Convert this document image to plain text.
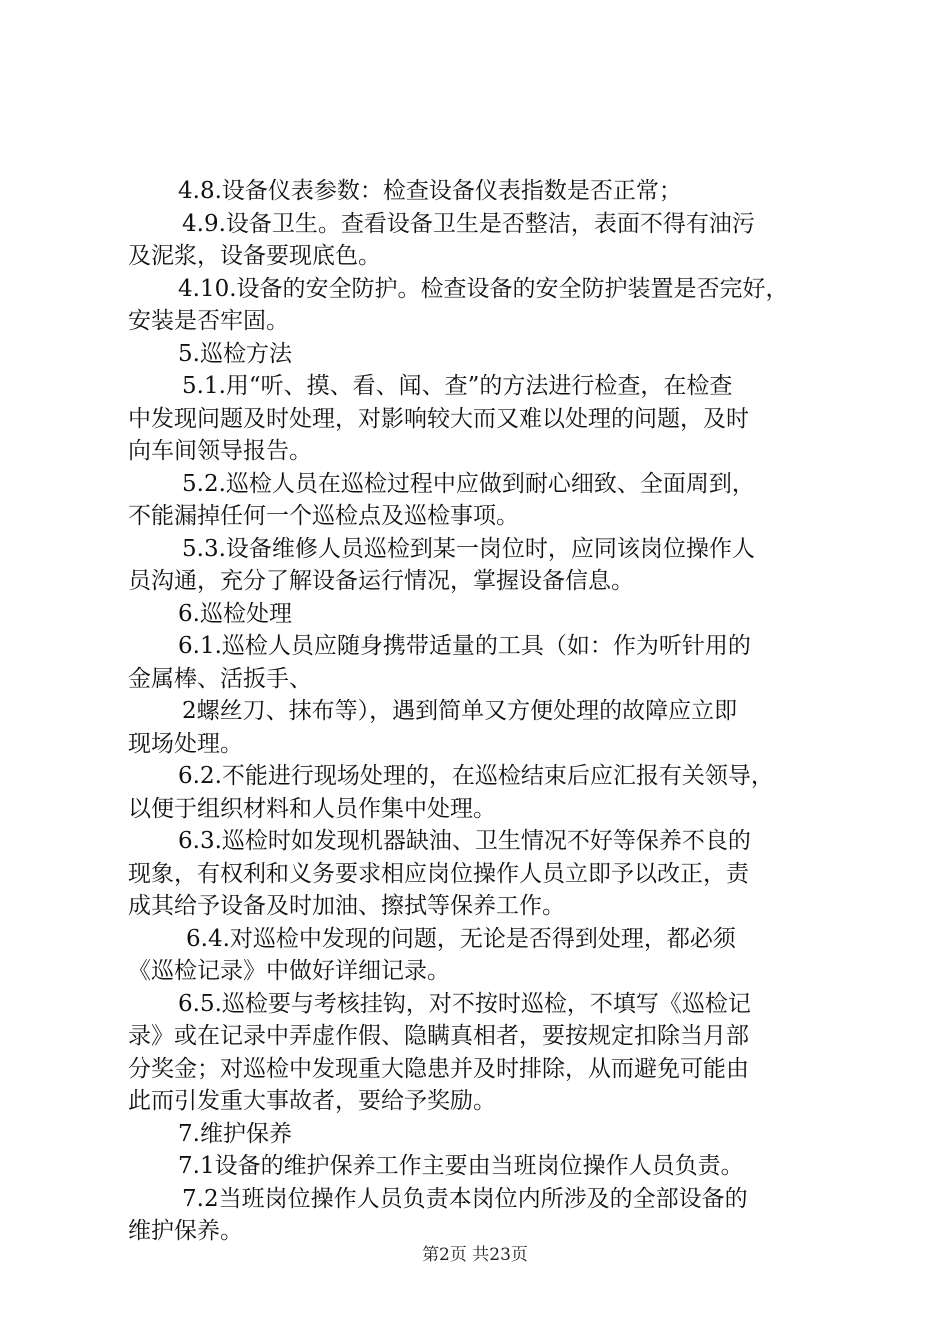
4.8.设备仪表参数：检查设备仪表指数是否正常；
4.9.设备卫生。查看设备卫生是否整洁，表面不得有油污
及泥浆，设备要现底色。
4.10.设备的安全防护。检查设备的安全防护装置是否完好，
安装是否牢固。
5.巡检方法
5.1.用“听、摸、看、闻、查”的方法进行检查，在检查
中发现问题及时处理，对影响较大而又难以处理的问题，及时
向车间领导报告。
5.2.巡检人员在巡检过程中应做到耐心细致、全面周到，
不能漏掉任何一个巡检点及巡检事项。
5.3.设备维修人员巡检到某一岗位时，应同该岗位操作人
员沟通，充分了解设备运行情况，掌握设备信息。
6.巡检处理
6.1.巡检人员应随身携带适量的工具（如：作为听针用的
金属棒、活扳手、
2螺丝刀、抹布等），遇到简单又方便处理的故障应立即
现场处理。
6.2.不能进行现场处理的，在巡检结束后应汇报有关领导，
以便于组织材料和人员作集中处理。
6.3.巡检时如发现机器缺油、卫生情况不好等保养不良的
现象，有权利和义务要求相应岗位操作人员立即予以改正，责
成其给予设备及时加油、擦拭等保养工作。
6.4.对巡检中发现的问题，无论是否得到处理，都必须
《巡检记录》中做好详细记录。
6.5.巡检要与考核挂钩，对不按时巡检，不填写《巡检记
录》或在记录中弄虚作假、隐瞒真相者，要按规定扣除当月部
分奖金；对巡检中发现重大隐患并及时排除，从而避免可能由
此而引发重大事故者，要给予奖励。
7.维护保养
7.1设备的维护保养工作主要由当班岗位操作人员负责。
7.2当班岗位操作人员负责本岗位内所涉及的全部设备的
维护保养。
第2页 共23页
